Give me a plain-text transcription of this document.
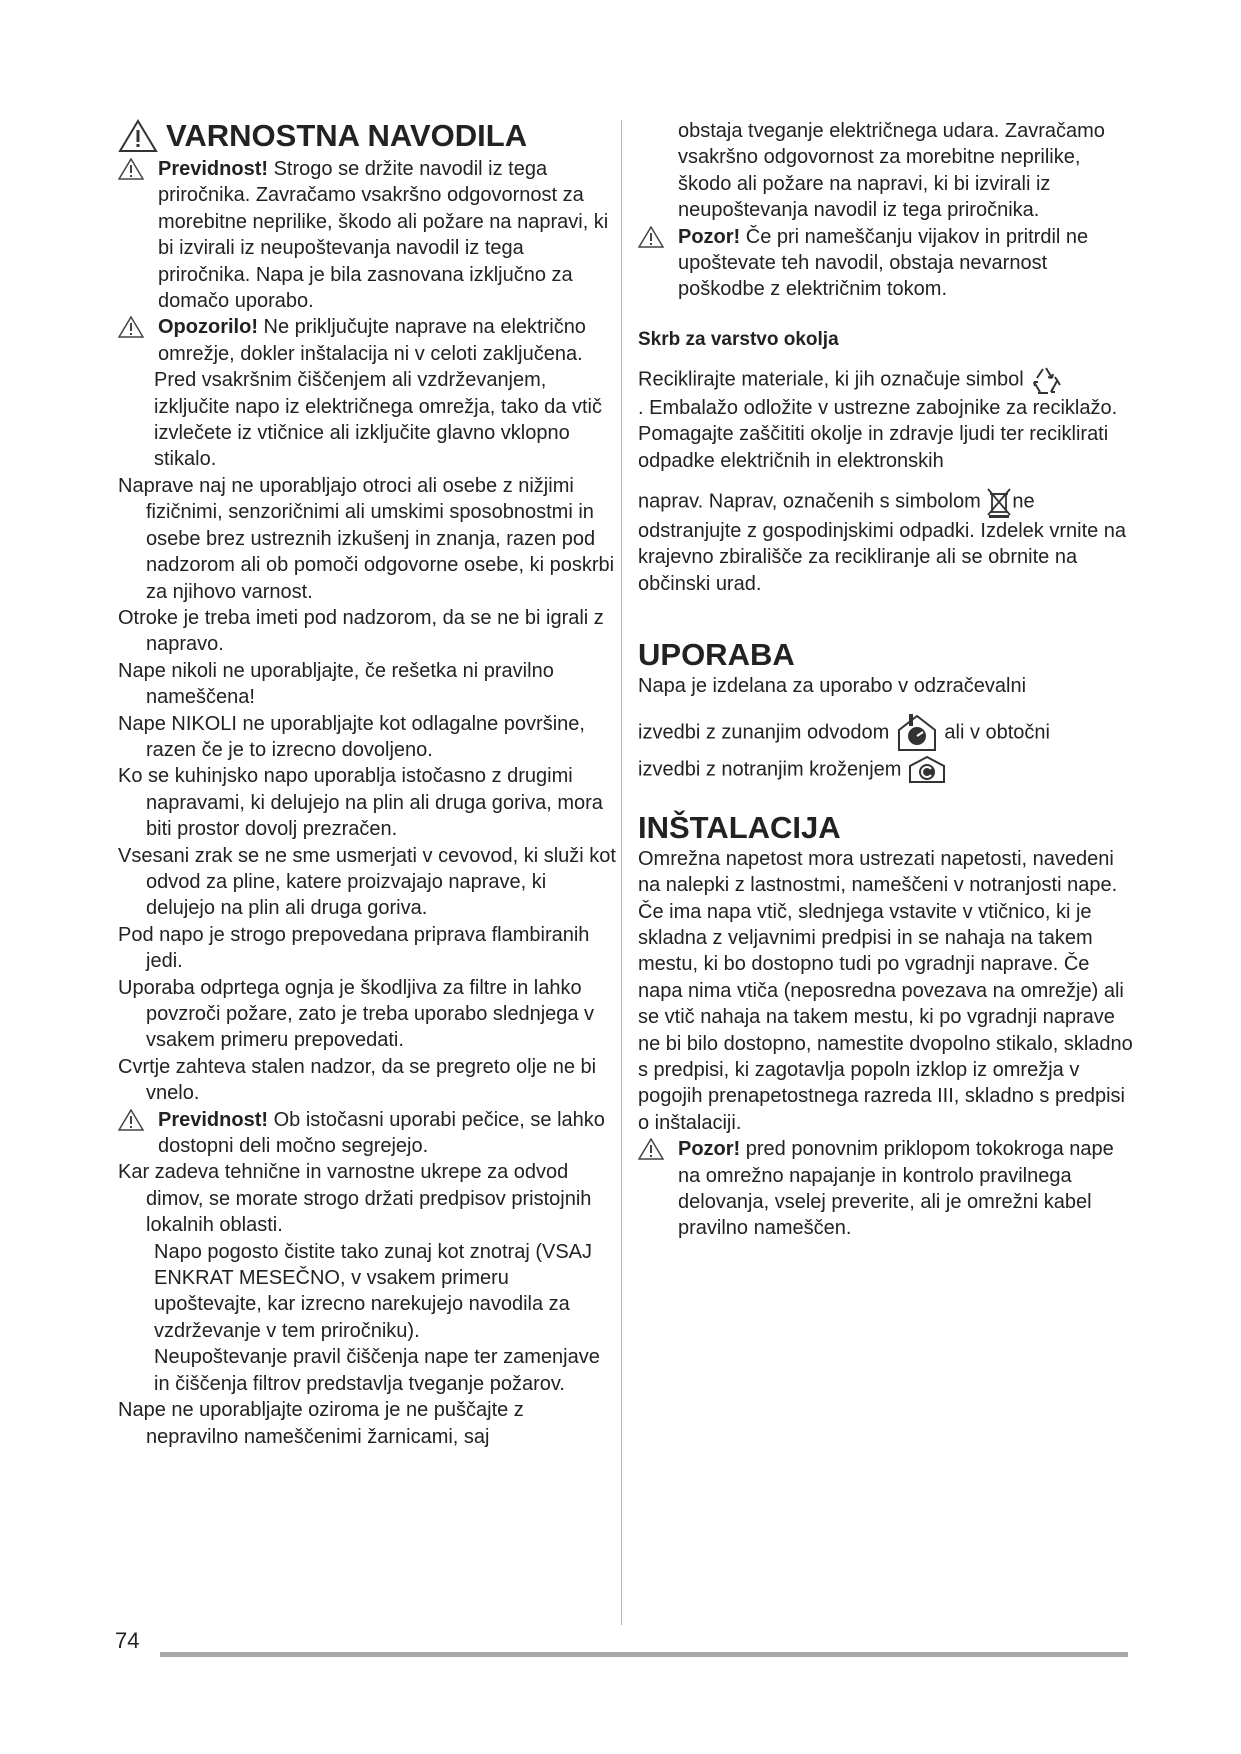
VARNOSTNA NAVODILA

Previdnost! Strogo se držite navodil iz tega priročnika. Zavračamo vsakršno odgovornost za morebitne neprilike, škodo ali požare na napravi, ki bi izvirali iz neupoštevanja navodil iz tega priročnika. Napa je bila zasnovana izključno za domačo uporabo.

Opozorilo! Ne priključujte naprave na električno omrežje, dokler inštalacija ni v celoti zaključena.

Pred vsakršnim čiščenjem ali vzdrževanjem, izključite napo iz električnega omrežja, tako da vtič izvlečete iz vtičnice ali izključite glavno vklopno stikalo.

Naprave naj ne uporabljajo otroci ali osebe z nižjimi fizičnimi, senzoričnimi ali umskimi sposobnostmi in osebe brez ustreznih izkušenj in znanja, razen pod nadzorom ali ob pomoči odgovorne osebe, ki poskrbi za njihovo varnost.

Otroke je treba imeti pod nadzorom, da se ne bi igrali z napravo.

Nape nikoli ne uporabljajte, če rešetka ni pravilno nameščena!

Nape NIKOLI ne uporabljajte kot odlagalne površine, razen če je to izrecno dovoljeno.

Ko se kuhinjsko napo uporablja istočasno z drugimi napravami, ki delujejo na plin ali druga goriva, mora biti prostor dovolj prezračen.

Vsesani zrak se ne sme usmerjati v cevovod, ki služi kot odvod za pline, katere proizvajajo naprave, ki delujejo na plin ali druga goriva.

Pod napo je strogo prepovedana priprava flambiranih jedi.

Uporaba odprtega ognja je škodljiva za filtre in lahko povzroči požare, zato je treba uporabo slednjega v vsakem primeru prepovedati.

Cvrtje zahteva stalen nadzor, da se pregreto olje ne bi vnelo.

Previdnost! Ob istočasni uporabi pečice, se lahko dostopni deli močno segrejejo.

Kar zadeva tehnične in varnostne ukrepe za odvod dimov, se morate strogo držati predpisov pristojnih lokalnih oblasti.

Napo pogosto čistite tako zunaj kot znotraj (VSAJ ENKRAT MESEČNO, v vsakem primeru upoštevajte, kar izrecno narekujejo navodila za vzdrževanje v tem priročniku).

Neupoštevanje pravil čiščenja nape ter zamenjave in čiščenja filtrov predstavlja tveganje požarov.

Nape ne uporabljajte oziroma je ne puščajte z nepravilno nameščenimi žarnicami, saj

obstaja tveganje električnega udara. Zavračamo vsakršno odgovornost za morebitne neprilike, škodo ali požare na napravi, ki bi izvirali iz neupoštevanja navodil iz tega priročnika.

Pozor! Če pri nameščanju vijakov in pritrdil ne upoštevate teh navodil, obstaja nevarnost poškodbe z električnim tokom.

Skrb za varstvo okolja

Reciklirajte materiale, ki jih označuje simbol
. Embalažo odložite v ustrezne zabojnike za reciklažo.

Pomagajte zaščititi okolje in zdravje ljudi ter reciklirati odpadke električnih in elektronskih

naprav. Naprav, označenih s simbolom ne odstranjujte z gospodinjskimi odpadki. Izdelek vrnite na krajevno zbirališče za recikliranje ali se obrnite na občinski urad.

UPORABA

Napa je izdelana za uporabo v odzračevalni

izvedbi z zunanjim odvodom	ali v obtočni

izvedbi z notranjim kroženjem

INŠTALACIJA

Omrežna napetost mora ustrezati napetosti, navedeni na nalepki z lastnostmi, nameščeni v notranjosti nape. Če ima napa vtič, slednjega vstavite v vtičnico, ki je skladna z veljavnimi predpisi in se nahaja na takem mestu, ki bo dostopno tudi po vgradnji naprave. Če napa nima vtiča (neposredna povezava na omrežje) ali se vtič nahaja na takem mestu, ki po vgradnji naprave ne bi bilo dostopno, namestite dvopolno stikalo, skladno s predpisi, ki zagotavlja popoln izklop iz omrežja v pogojih prenapetostnega razreda III, skladno s predpisi o inštalaciji.

Pozor! pred ponovnim priklopom tokokroga nape na omrežno napajanje in kontrolo pravilnega delovanja, vselej preverite, ali je omrežni kabel pravilno nameščen.

74
